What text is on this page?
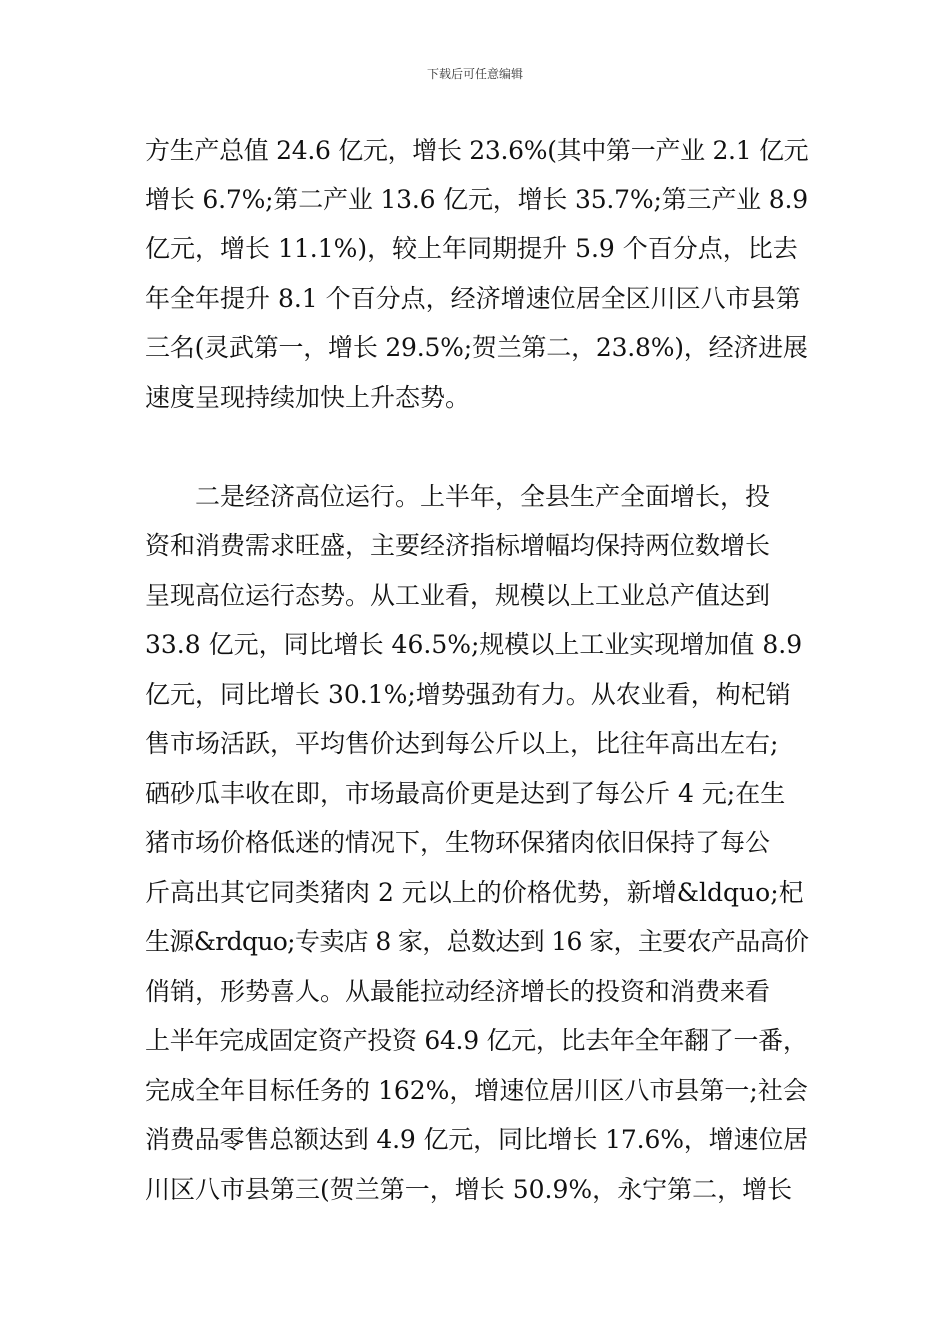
下载后可任意编辑
方生产总值 24.6 亿元，增长 23.6%(其中第一产业 2.1 亿元
增长 6.7%;第二产业 13.6 亿元，增长 35.7%;第三产业 8.9
亿元，增长 11.1%)，较上年同期提升 5.9 个百分点，比去
年全年提升 8.1 个百分点，经济增速位居全区川区八市县第
三名(灵武第一，增长 29.5%;贺兰第二，23.8%)，经济进展
速度呈现持续加快上升态势。
二是经济高位运行。上半年，全县生产全面增长，投
资和消费需求旺盛，主要经济指标增幅均保持两位数增长
呈现高位运行态势。从工业看，规模以上工业总产值达到
33.8 亿元，同比增长 46.5%;规模以上工业实现增加值 8.9
亿元，同比增长 30.1%;增势强劲有力。从农业看，枸杞销
售市场活跃，平均售价达到每公斤以上，比往年高出左右;
硒砂瓜丰收在即，市场最高价更是达到了每公斤 4 元;在生
猪市场价格低迷的情况下，生物环保猪肉依旧保持了每公
斤高出其它同类猪肉 2 元以上的价格优势，新增&ldquo;杞
生源&rdquo;专卖店 8 家，总数达到 16 家，主要农产品高价
俏销，形势喜人。从最能拉动经济增长的投资和消费来看
上半年完成固定资产投资 64.9 亿元，比去年全年翻了一番，
完成全年目标任务的 162%，增速位居川区八市县第一;社会
消费品零售总额达到 4.9 亿元，同比增长 17.6%，增速位居
川区八市县第三(贺兰第一，增长 50.9%，永宁第二，增长
